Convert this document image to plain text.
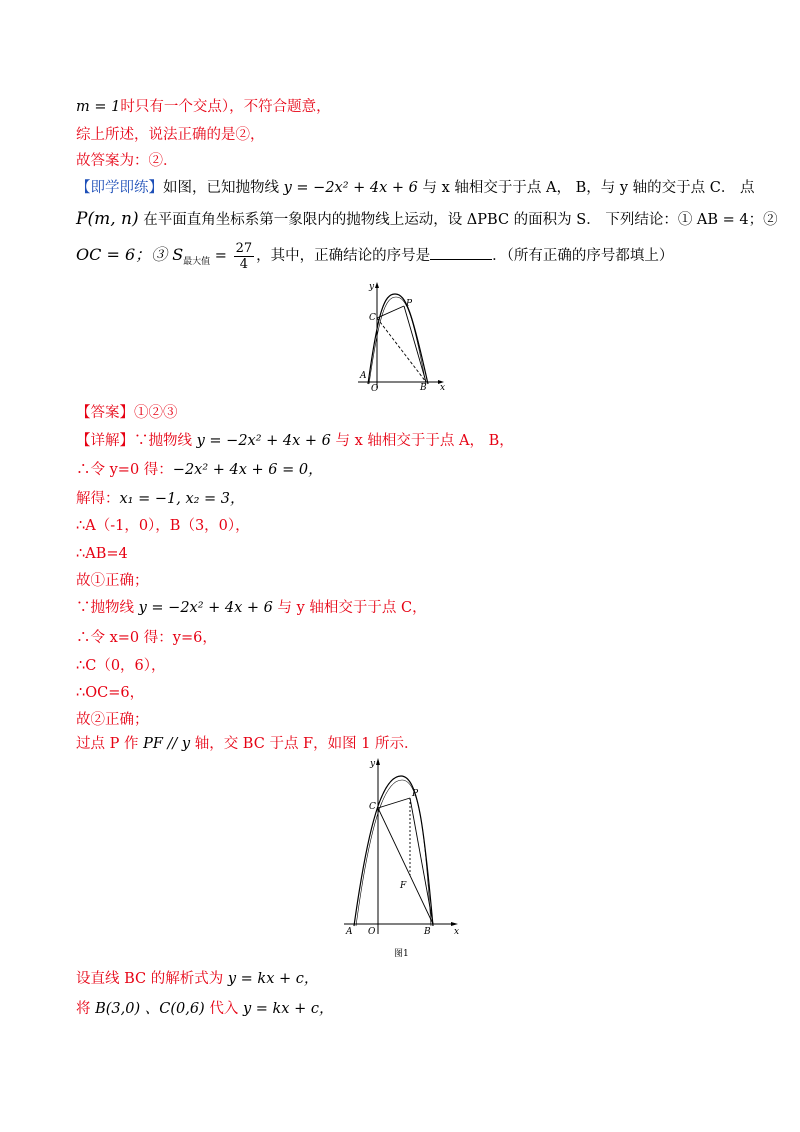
m = 1时只有一个交点），不符合题意，
综上所述，说法正确的是②，
故答案为：②．
【即学即练】如图，已知抛物线 y = −2x² + 4x + 6 与 x 轴相交于于点 A， B，与 y 轴的交于点 C． 点
P(m, n) 在平面直角坐标系第一象限内的抛物线上运动，设 ΔPBC 的面积为 S． 下列结论：① AB = 4；②
OC = 6；③ $S_{最大值} = \frac{27}{4}$ ，其中，正确结论的序号是	．（所有正确的序号都填上）
y
x
O
A
B
C
P
【答案】①②③
【详解】∵抛物线 y = −2x² + 4x + 6 与 x 轴相交于于点 A， B，
∴令 y=0 得：−2x² + 4x + 6 = 0，
解得：x₁ = −1, x₂ = 3，
∴A（-1，0），B（3，0），
∴AB=4
故①正确；
∵抛物线 y = −2x² + 4x + 6 与 y 轴相交于于点 C，
∴令 x=0 得：y=6，
∴C（0，6），
∴OC=6，
故②正确；
过点 P 作 PF // y 轴，交 BC 于点 F，如图 1 所示．
y
x
O
A	B
C
P
F
图1
设直线 BC 的解析式为 y = kx + c，
将 B(3,0) 、C(0,6) 代入 y = kx + c，
